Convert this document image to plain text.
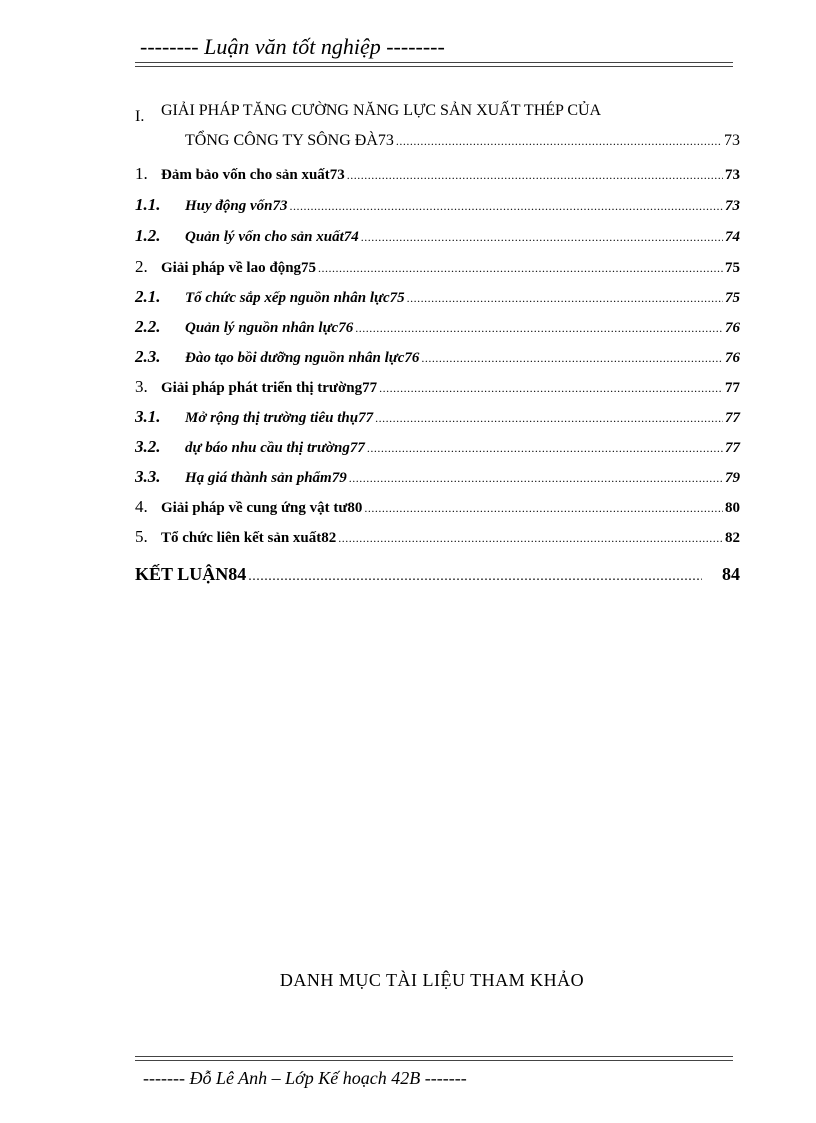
-------- Luận văn tốt nghiệp --------
I.	GIẢI PHÁP TĂNG CƯỜNG NĂNG LỰC SẢN XUẤT THÉP CỦA
TỔNG CÔNG TY SÔNG ĐÀ73 .....	73
1. Đảm bảo vốn cho sản xuất73 .....	73
1.1.	Huy động vốn73 .....	73
1.2.	Quản lý vốn cho sản xuất74 .....	74
2. Giải pháp về lao động75 .....	75
2.1.	Tổ chức sắp xếp nguồn nhân lực75 .....	75
2.2.	Quản lý nguồn nhân lực76 .....	76
2.3.	Đào tạo bồi dưỡng nguồn nhân lực76 .....	76
3. Giải pháp phát triển thị trường77 .....	77
3.1.	Mở rộng thị trường tiêu thụ77 .....	77
3.2.	dự báo nhu cầu thị trường77 .....	77
3.3.	Hạ giá thành sản phẩm79 .....	79
4. Giải pháp về cung ứng vật tư80 .....	80
5. Tổ chức liên kết sản xuất82 .....	82
KẾT LUẬN84 .....	84
DANH MỤC TÀI LIỆU THAM KHẢO
------- Đỗ Lê Anh – Lớp Kế hoạch 42B -------
